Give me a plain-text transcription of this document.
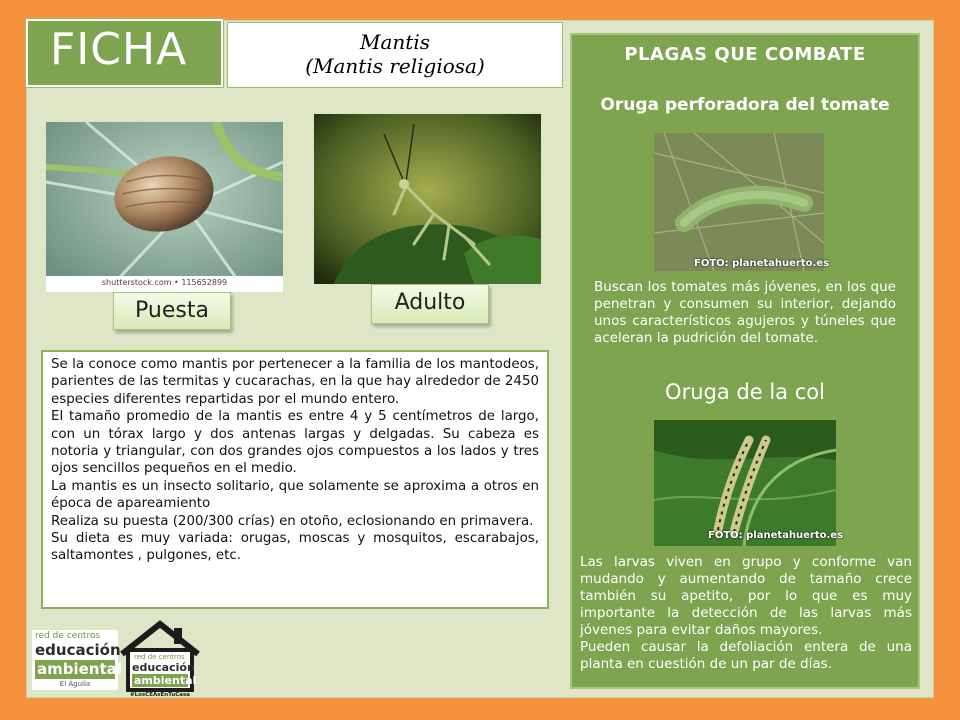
FICHA	Mantis
(Mantis religiosa)
shutterstock.com • 115652899
Puesta	Adulto

Se la conoce como mantis por pertenecer a la familia de los mantodeos, parientes de las termitas y cucarachas, en la que hay alrededor de 2450 especies diferentes repartidas por el mundo entero.

El tamaño promedio de la mantis es entre 4 y 5 centímetros de largo, con un tórax largo y dos antenas largas y delgadas. Su cabeza es notoria y triangular, con dos grandes ojos compuestos a los lados y tres ojos sencillos pequeños en el medio.

La mantis es un insecto solitario, que solamente se aproxima a otros en época de apareamiento

Realiza su puesta (200/300 crías) en otoño, eclosionando en primavera.

Su dieta es muy variada: orugas, moscas y mosquitos, escarabajos, saltamontes , pulgones, etc.

PLAGAS QUE COMBATE
Oruga perforadora del tomate
FOTO: planetahuerto.es
Buscan los tomates más jóvenes, en los que penetran y consumen su interior, dejando unos característicos agujeros y túneles que aceleran la pudrición del tomate.
Oruga de la col
FOTO: planetahuerto.es
Las larvas viven en grupo y conforme van mudando y aumentando de tamaño crece también su apetito, por lo que es muy importante la detección de las larvas más jóvenes para evitar daños mayores.
Pueden causar la defoliación entera de una planta en cuestión de un par de días.
red de centros
educación
ambiental
El Águila
red de centros
educación
ambiental
#LosCEAsEnTuCasa
